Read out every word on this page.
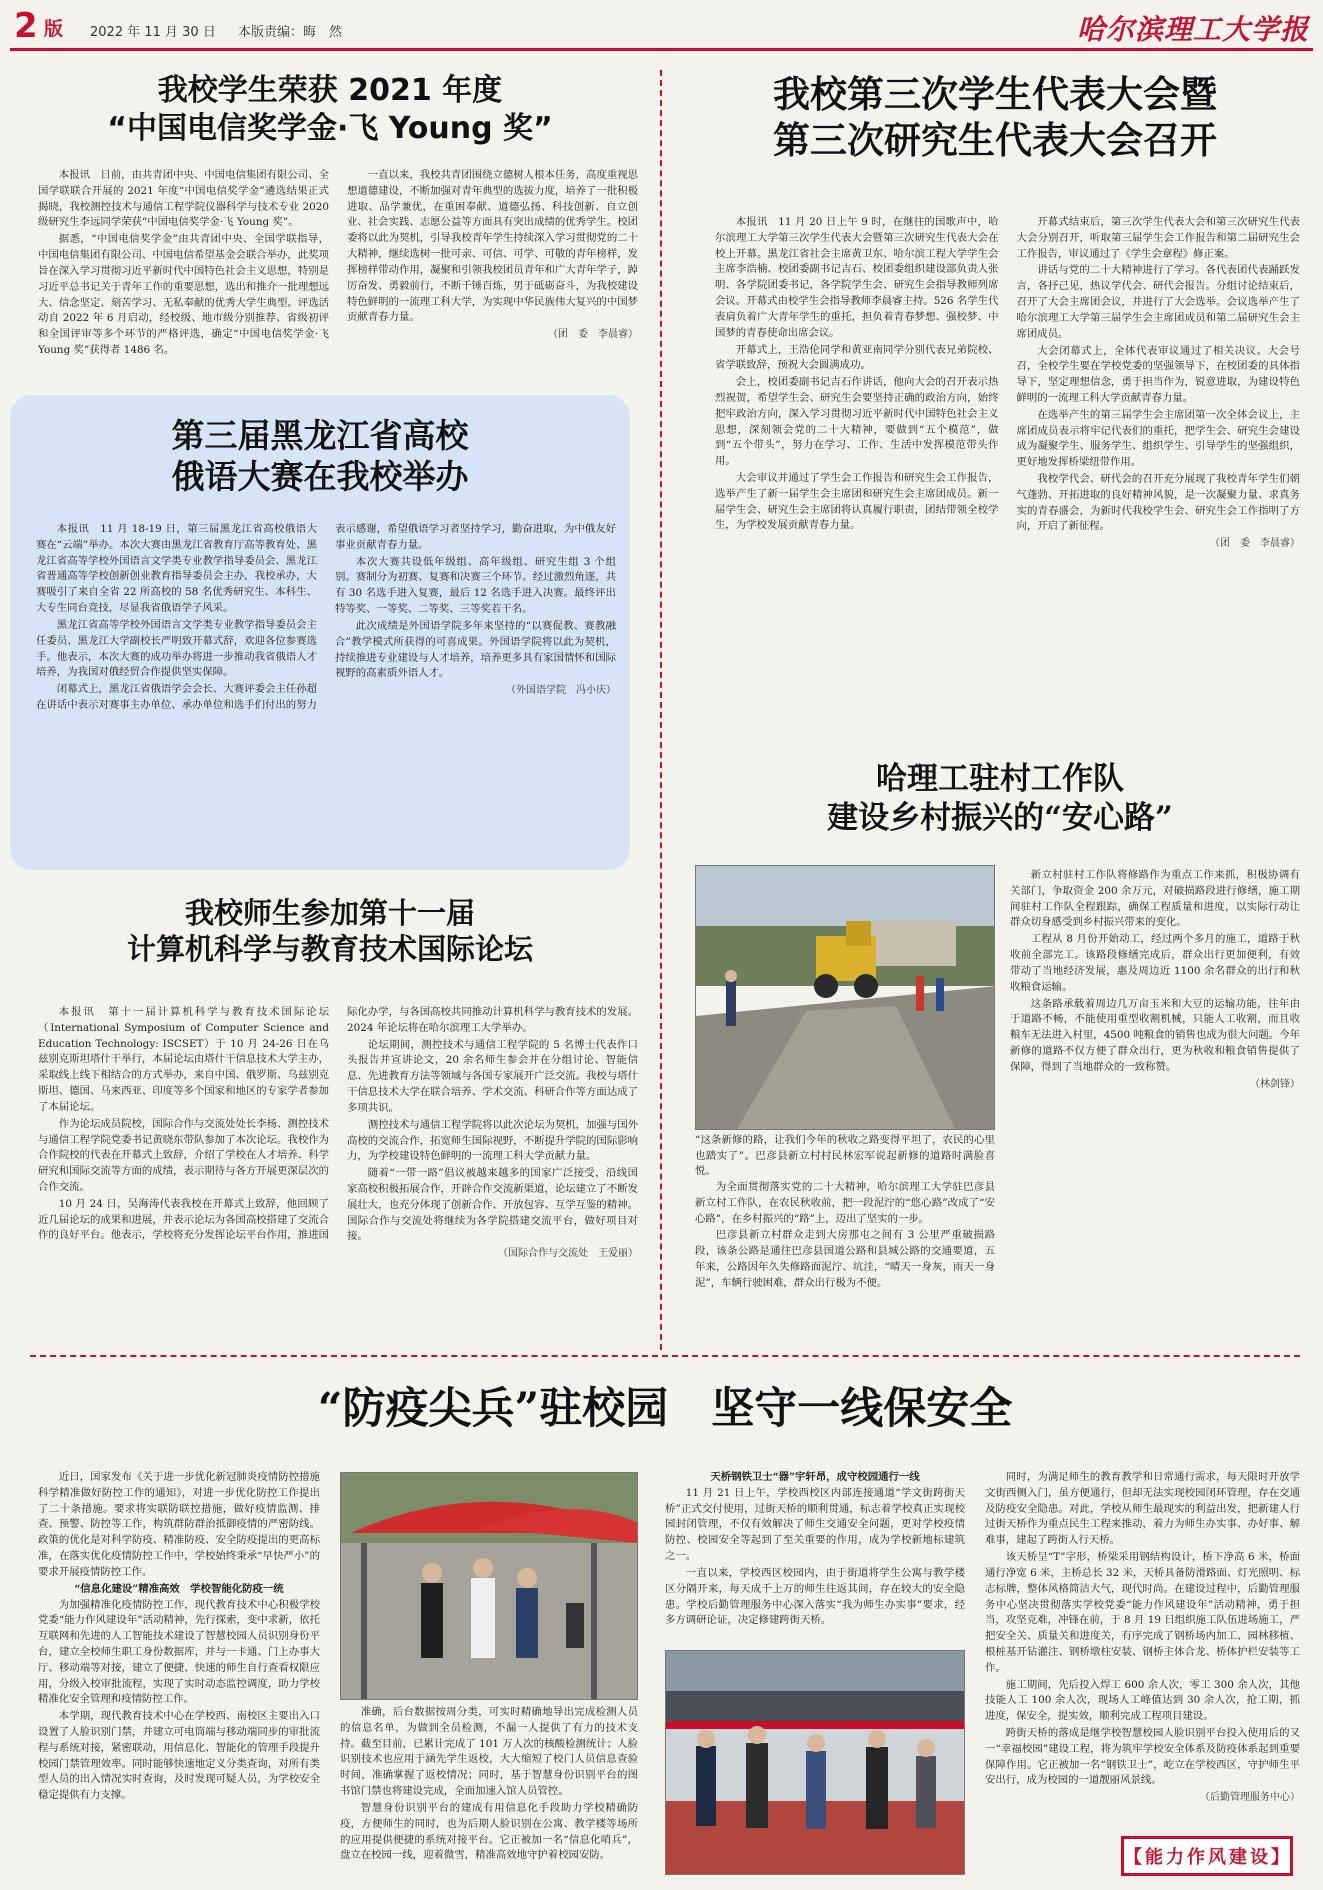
2 版 2022 年 11 月 30 日 本版责编：晦　然	哈尔滨理工大学报
我校学生荣获 2021 年度
“中国电信奖学金·飞 Young 奖”

本报讯　日前，由共青团中央、中国电信集团有限公司、全国学联联合开展的 2021 年度“中国电信奖学金”遴选结果正式揭晓，我校测控技术与通信工程学院仪器科学与技术专业 2020 级研究生李远同学荣获“中国电信奖学金·飞 Young 奖”。

据悉，“中国电信奖学金”由共青团中央、全国学联指导，中国电信集团有限公司、中国电信希望基金会联合举办，此奖项旨在深入学习贯彻习近平新时代中国特色社会主义思想，特别是习近平总书记关于青年工作的重要思想，选出和推介一批理想远大、信念坚定、刻苦学习、无私奉献的优秀大学生典型。评选活动自 2022 年 6 月启动，经校级、地市级分别推荐、省级初评和全国评审等多个环节的严格评选，确定“中国电信奖学金·飞 Young 奖”获得者 1486 名。

一直以来，我校共青团围绕立德树人根本任务，高度重视思想道德建设，不断加强对青年典型的选拔力度，培养了一批积极进取、品学兼优，在重困奉献、道德弘扬、科技创新、自立创业、社会实践、志愿公益等方面具有突出成绩的优秀学生。校团委将以此为契机，引导我校青年学生持续深入学习贯彻党的二十大精神，继续选树一批可亲、可信、可学、可敬的青年榜样，发挥榜样带动作用，凝聚和引领我校团员青年和广大青年学子，踔厉奋发、勇毅前行，不断千锤百炼，男于砥砺奋斗，为我校建设特色鲜明的一流理工科大学，为实现中华民族伟大复兴的中国梦贡献青春力量。

（团　委　李晨睿）
第三届黑龙江省高校
俄语大赛在我校举办

本报讯　11 月 18-19 日，第三届黑龙江省高校俄语大赛在“云端”举办。本次大赛由黑龙江省教育厅高等教育处、黑龙江省高等学校外国语言文学类专业教学指导委员会、黑龙江省普通高等学校创新创业教育指导委员会主办，我校承办，大赛吸引了来自全省 22 所高校的 58 名优秀研究生、本科生、大专生同台竞技，尽显我省俄语学子风采。

黑龙江省高等学校外国语言文学类专业教学指导委员会主任委员、黑龙江大学副校长严明致开幕式辞，欢迎各位参赛选手。他表示，本次大赛的成功举办将进一步推动我省俄语人才培养，为我国对俄经贸合作提供坚实保障。

闭幕式上，黑龙江省俄语学会会长、大赛评委会主任孙超在讲话中表示对赛事主办单位、承办单位和选手们付出的努力表示感谢，希望俄语学习者坚持学习，勤奋进取，为中俄友好事业贡献青春力量。

本次大赛共设低年级组、高年级组、研究生组 3 个组别。赛制分为初赛、复赛和决赛三个环节。经过激烈角逐，共有 30 名选手进入复赛，最后 12 名选手进入决赛。最终评出特等奖、一等奖、二等奖、三等奖若干名。

此次成绩是外国语学院多年来坚持的“以赛促教、赛教融合”教学模式所获得的可喜成果。外国语学院将以此为契机，持续推进专业建设与人才培养，培养更多具有家国情怀和国际视野的高素质外语人才。

（外国语学院　冯小庆）
我校师生参加第十一届
计算机科学与教育技术国际论坛

本报讯　第十一届计算机科学与教育技术国际论坛（International Symposium of Computer Science and Education Technology: ISCSET）于 10 月 24-26 日在乌兹别克斯坦塔什干举行，本届论坛由塔什干信息技术大学主办，采取线上线下相结合的方式举办，来自中国、俄罗斯、乌兹别克斯坦、德国、马来西亚、印度等多个国家和地区的专家学者参加了本届论坛。

作为论坛成员院校，国际合作与交流处处长李杨、测控技术与通信工程学院党委书记黄晓东带队参加了本次论坛。我校作为合作院校的代表在开幕式上致辞，介绍了学校在人才培养、科学研究和国际交流等方面的成绩，表示期待与各方开展更深层次的合作交流。

10 月 24 日，吴海涛代表我校在开幕式上致辞，他回顾了近几届论坛的成果和进展，并表示论坛为各国高校搭建了交流合作的良好平台。他表示，学校将充分发挥论坛平台作用，推进国际化办学，与各国高校共同推动计算机科学与教育技术的发展。2024 年论坛将在哈尔滨理工大学举办。

论坛期间，测控技术与通信工程学院的 5 名博士代表作口头报告并宣讲论文，20 余名师生参会并在分组讨论、智能信息、先进教育方法等领域与各国专家展开广泛交流。我校与塔什干信息技术大学在联合培养、学术交流、科研合作等方面达成了多项共识。

测控技术与通信工程学院将以此次论坛为契机，加强与国外高校的交流合作，拓宽师生国际视野，不断提升学院的国际影响力，为学校建设特色鲜明的一流理工科大学贡献力量。

随着“一带一路”倡议被越来越多的国家广泛接受，沿线国家高校积极拓展合作，开辟合作交流新渠道，论坛建立了不断发展壮大，也充分体现了创新合作、开放包容、互学互鉴的精神。国际合作与交流处将继续为各学院搭建交流平台，做好项目对接。

（国际合作与交流处　王爱丽）
我校第三次学生代表大会暨
第三次研究生代表大会召开

本报讯　11 月 20 日上午 9 时，在继往的国歌声中，哈尔滨理工大学第三次学生代表大会暨第三次研究生代表大会在校上开幕。黑龙江省社会主席黄卫东、哈尔滨工程大学学生会主席李浩楠、校团委副书记吉石、校团委组织建设部负责人张明、各学院团委书记，各学院学生会、研究生会指导教师列席会议。开幕式由校学生会指导教师李晨睿主持。526 名学生代表肩负着广大青年学生的重托，担负着青春梦想、强校梦、中国梦的青春使命出席会议。

开幕式上，王浩伦同学和黄亚南同学分别代表兄弟院校、省学联致辞，预祝大会圆满成功。

会上，校团委副书记吉石作讲话，他向大会的召开表示热烈祝贺，希望学生会、研究生会要坚持正确的政治方向，始终把牢政治方向，深入学习贯彻习近平新时代中国特色社会主义思想，深刻领会党的二十大精神，要做到“五个模范”，做到“五个带头”，努力在学习、工作、生活中发挥模范带头作用。

大会审议并通过了学生会工作报告和研究生会工作报告，选举产生了新一届学生会主席团和研究生会主席团成员。新一届学生会、研究生会主席团将认真履行职责，团结带领全校学生，为学校发展贡献青春力量。

开幕式结束后，第三次学生代表大会和第三次研究生代表大会分别召开，听取第三届学生会工作报告和第二届研究生会工作报告，审议通过了《学生会章程》修正案。

讲话与党的二十大精神进行了学习。各代表团代表踊跃发言，各抒己见，热议学代会、研代会报告。分组讨论结束后，召开了大会主席团会议，并进行了大会选举。会议选举产生了哈尔滨理工大学第三届学生会主席团成员和第二届研究生会主席团成员。

大会闭幕式上，全体代表审议通过了相关决议。大会号召，全校学生要在学校党委的坚强领导下，在校团委的具体指导下，坚定理想信念，勇于担当作为，锐意进取，为建设特色鲜明的一流理工科大学贡献青春力量。

在选举产生的第三届学生会主席团第一次全体会议上，主席团成员表示将牢记代表们的重托，把学生会、研究生会建设成为凝聚学生、服务学生、组织学生、引导学生的坚强组织，更好地发挥桥梁纽带作用。

我校学代会、研代会的召开充分展现了我校青年学生们朝气蓬勃、开拓进取的良好精神风貌，是一次凝聚力量、求真务实的青春盛会，为新时代我校学生会、研究生会工作指明了方向，开启了新征程。

（团　委　李晨睿）
哈理工驻村工作队
建设乡村振兴的“安心路”
“这条新修的路，让我们今年的秋收之路变得平坦了，农民的心里也踏实了”。巴彦县新立村村民林宏军说起新修的道路时满脸喜悦。

为全面贯彻落实党的二十大精神，哈尔滨理工大学驻巴彦县新立村工作队，在农民秋收前，把一段泥泞的“悠心路”改成了“安心路”，在乡村振兴的“路”上，迈出了坚实的一步。

巴彦县新立村群众走到大房那屯之间有 3 公里严重破损路段，该条公路是通往巴彦县国道公路和县城公路的交通要道，五年来，公路因年久失修路面泥泞、坑洼，“晴天一身灰，雨天一身泥”，车辆行驶困难，群众出行极为不便。

新立村驻村工作队将修路作为重点工作来抓，积极协调有关部门，争取资金 200 余万元，对破损路段进行修缮，施工期间驻村工作队全程跟踪，确保工程质量和进度，以实际行动让群众切身感受到乡村振兴带来的变化。

工程从 8 月份开始动工，经过两个多月的施工，道路于秋收前全部完工。该路段修缮完成后，群众出行更加便利，有效带动了当地经济发展，惠及周边近 1100 余名群众的出行和秋收粮食运输。

这条路承载着周边几万亩玉米和大豆的运输功能，往年由于道路不畅，不能使用重型收割机械，只能人工收割，而且收粮车无法进入村里，4500 吨粮食的销售也成为很大问题。今年新修的道路不仅方便了群众出行，更为秋收和粮食销售提供了保障，得到了当地群众的一致称赞。

（林剑锋）
“防疫尖兵”驻校园　坚守一线保安全

近日，国家发布《关于进一步优化新冠肺炎疫情防控措施科学精准做好防控工作的通知》，对进一步优化防控工作提出了二十条措施。要求将实联防联控措施，做好疫情监测、排查、预警、防控等工作，构筑群防群治抵御疫情的严密防线。政策的优化是对科学防疫、精准防疫、安全防疫提出的更高标准，在落实优化疫情防控工作中，学校始终秉承“早快严小”的要求开展疫情防控工作。

“信息化建设”精准高效　学校智能化防疫一统

为加强精准化疫情防控工作，现代教育技术中心积极学校党委“能力作风建设年”活动精神，先行探索，变中求新，依托互联网和先进的人工智能技术建设了智慧校园人员识别身份平台，建立全校师生职工身份数据库，并与一卡通、门上办事大厅、移动端等对接，建立了便捷、快速的师生自行查看权限应用，分级入校审批流程，实现了实时动态监控调度，助力学校精准化安全管理和疫情防控工作。

本学期，现代教育技术中心在学校西、南校区主要出入口设置了人脸识别门禁，并建立可电筒端与移动端同步的审批流程与系统对接，紧密联动，用信息化、智能化的管理手段提升校园门禁管理效率。同时能够快速地定义分类查询，对所有类型人员的出入情况实时查询，及时发现可疑人员，为学校安全稳定提供有力支撑。

准确，后台数据按周分类，可实时精确地导出完成检测人员的信息名单，为做到全员检测，不漏一人提供了有力的技术支持。截至目前，已累计完成了 101 万人次的核酸检测统计；人脸识别技术也应用于涵先学生返校，大大缩短了校门人员信息查验时间，准确掌握了返校情况；同时，基于智慧身份识别平台的图书馆门禁也将建设完成，全面加速入馆人员管控。

智慧身份识别平台的建成有用信息化手段助力学校精确防疫，方便师生的同时，也为后期人脸识别在公寓、教学楼等场所的应用提供便捷的系统对接平台。它正被加一名“信息化哨兵”，盘立在校园一线，迎着微雪，精准高效地守护着校园安防。

天桥钢铁卫士“器”宇轩昂，成守校园通行一线

11 月 21 日上午，学校西校区内部连接通道“学文街跨街天桥”正式交付使用，过街天桥的顺利贯通，标志着学校真正实现校园封闭管理，不仅有效解决了师生交通安全问题，更对学校疫情防控、校园安全等起到了至关重要的作用，成为学校新地标建筑之一。

一直以来，学校西区校园内，由于街道将学生公寓与教学楼区分隔开来，每天成千上万的师生往返其间，存在较大的安全隐患。学校后勤管理服务中心深入落实“我为师生办实事”要求，经多方调研论证，决定修建跨街天桥。

同时，为满足师生的教育教学和日常通行需求，每天限时开放学文街西侧入门，虽方便通行，但却无法实现校园闭环管理，存在交通及防疫安全隐患。对此，学校从师生最现实的利益出发，把新建人行过街天桥作为重点民生工程来推动，着力为师生办实事、办好事、解难事，建起了跨街人行天桥。

该天桥呈“T”字形，桥梁采用钢结构设计，桥下净高 6 米，桥面通行净宽 6 米，主桥总长 32 米，天桥具备防滑路面、灯光照明、标志标牌，整体风格简洁大气，现代时尚。在建设过程中，后勤管理服务中心坚决贯彻落实学校党委“能力作风建设年”活动精神，勇于担当，攻坚克难，冲锋在前，于 8 月 19 日组织施工队伍进场施工，严把安全关、质量关和进度关，有序完成了钢桥场内加工、园林移植、根桩基开钻灌注、钢桥墩柱安装、钢桥主体合龙、桥体护栏安装等工作。

施工期间，先后投入焊工 600 余人次，零工 300 余人次，其他技能人工 100 余人次，现场人工峰值达到 30 余人次，抢工期，抓进度，保安全，提实效，顺利完成工程项目建设。

跨街天桥的落成是继学校智慧校园人脸识别平台投入使用后的又一“幸福校园”建设工程，将为筑牢学校安全体系及防疫体系起到重要保障作用。它正被加一名“钢铁卫士”，屹立在学校西区，守护师生平安出行，成为校园的一道靓丽风景线。

（后勤管理服务中心）
【能力作风建设】
